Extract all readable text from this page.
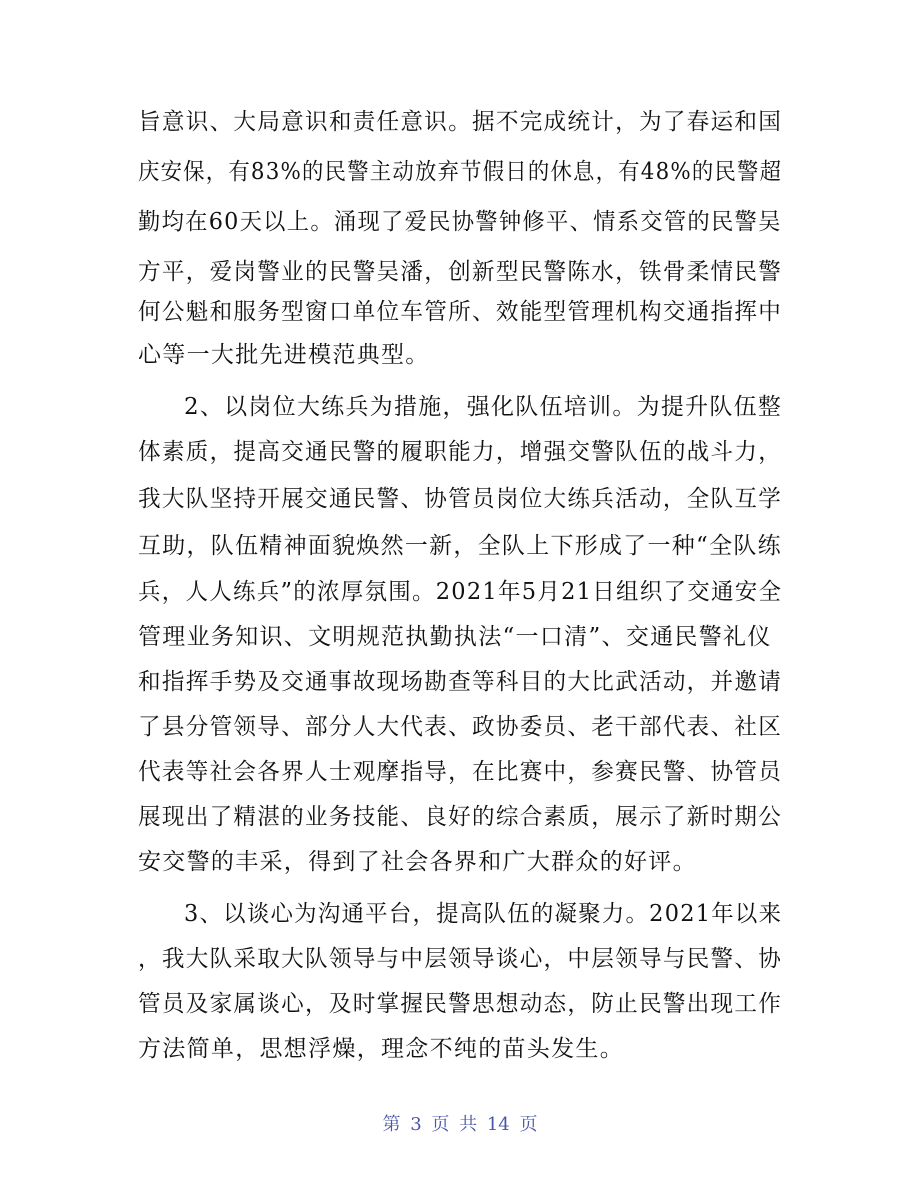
旨意识、大局意识和责任意识。据不完成统计，为了春运和国
庆安保，有83%的民警主动放弃节假日的休息，有48%的民警超
勤均在60天以上。涌现了爱民协警钟修平、情系交管的民警吴
方平，爱岗警业的民警吴潘，创新型民警陈水，铁骨柔情民警
何公魁和服务型窗口单位车管所、效能型管理机构交通指挥中
心等一大批先进模范典型。
2、以岗位大练兵为措施，强化队伍培训。为提升队伍整
体素质，提高交通民警的履职能力，增强交警队伍的战斗力，
我大队坚持开展交通民警、协管员岗位大练兵活动，全队互学
互助，队伍精神面貌焕然一新，全队上下形成了一种“全队练
兵，人人练兵”的浓厚氛围。2021年5月21日组织了交通安全
管理业务知识、文明规范执勤执法“一口清”、交通民警礼仪
和指挥手势及交通事故现场勘查等科目的大比武活动，并邀请
了县分管领导、部分人大代表、政协委员、老干部代表、社区
代表等社会各界人士观摩指导，在比赛中，参赛民警、协管员
展现出了精湛的业务技能、良好的综合素质，展示了新时期公
安交警的丰采，得到了社会各界和广大群众的好评。
3、以谈心为沟通平台，提高队伍的凝聚力。2021年以来
，我大队采取大队领导与中层领导谈心，中层领导与民警、协
管员及家属谈心，及时掌握民警思想动态，防止民警出现工作
方法简单，思想浮燥，理念不纯的苗头发生。
第 3 页 共 14 页
